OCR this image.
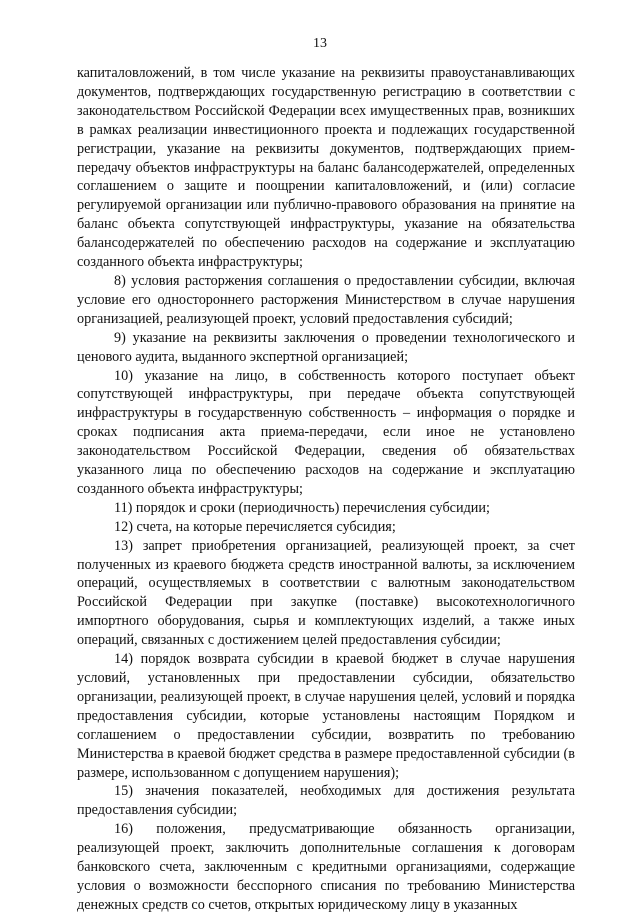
13

капиталовложений, в том числе указание на реквизиты правоустанавливающих документов, подтверждающих государственную регистрацию в соответствии с законодательством Российской Федерации всех имущественных прав, возникших в рамках реализации инвестиционного проекта и подлежащих государственной регистрации, указание на реквизиты документов, подтверждающих прием-передачу объектов инфраструктуры на баланс балансодержателей, определенных соглашением о защите и поощрении капиталовложений, и (или) согласие регулируемой организации или публично-правового образования на принятие на баланс объекта сопутствующей инфраструктуры, указание на обязательства балансодержателей по обеспечению расходов на содержание и эксплуатацию созданного объекта инфраструктуры;

8) условия расторжения соглашения о предоставлении субсидии, включая условие его одностороннего расторжения Министерством в случае нарушения организацией, реализующей проект, условий предоставления субсидий;

9) указание на реквизиты заключения о проведении технологического и ценового аудита, выданного экспертной организацией;

10) указание на лицо, в собственность которого поступает объект сопутствующей инфраструктуры, при передаче объекта сопутствующей инфраструктуры в государственную собственность – информация о порядке и сроках подписания акта приема-передачи, если иное не установлено законодательством Российской Федерации, сведения об обязательствах указанного лица по обеспечению расходов на содержание и эксплуатацию созданного объекта инфраструктуры;

11) порядок и сроки (периодичность) перечисления субсидии;

12) счета, на которые перечисляется субсидия;

13) запрет приобретения организацией, реализующей проект, за счет полученных из краевого бюджета средств иностранной валюты, за исключением операций, осуществляемых в соответствии с валютным законодательством Российской Федерации при закупке (поставке) высокотехнологичного импортного оборудования, сырья и комплектующих изделий, а также иных операций, связанных с достижением целей предоставления субсидии;

14) порядок возврата субсидии в краевой бюджет в случае нарушения условий, установленных при предоставлении субсидии, обязательство организации, реализующей проект, в случае нарушения целей, условий и порядка предоставления субсидии, которые установлены настоящим Порядком и соглашением о предоставлении субсидии, возвратить по требованию Министерства в краевой бюджет средства в размере предоставленной субсидии (в размере, использованном с допущением нарушения);

15) значения показателей, необходимых для достижения результата предоставления субсидии;

16) положения, предусматривающие обязанность организации, реализующей проект, заключить дополнительные соглашения к договорам банковского счета, заключенным с кредитными организациями, содержащие условия о возможности бесспорного списания по требованию Министерства денежных средств со счетов, открытых юридическому лицу в указанных
